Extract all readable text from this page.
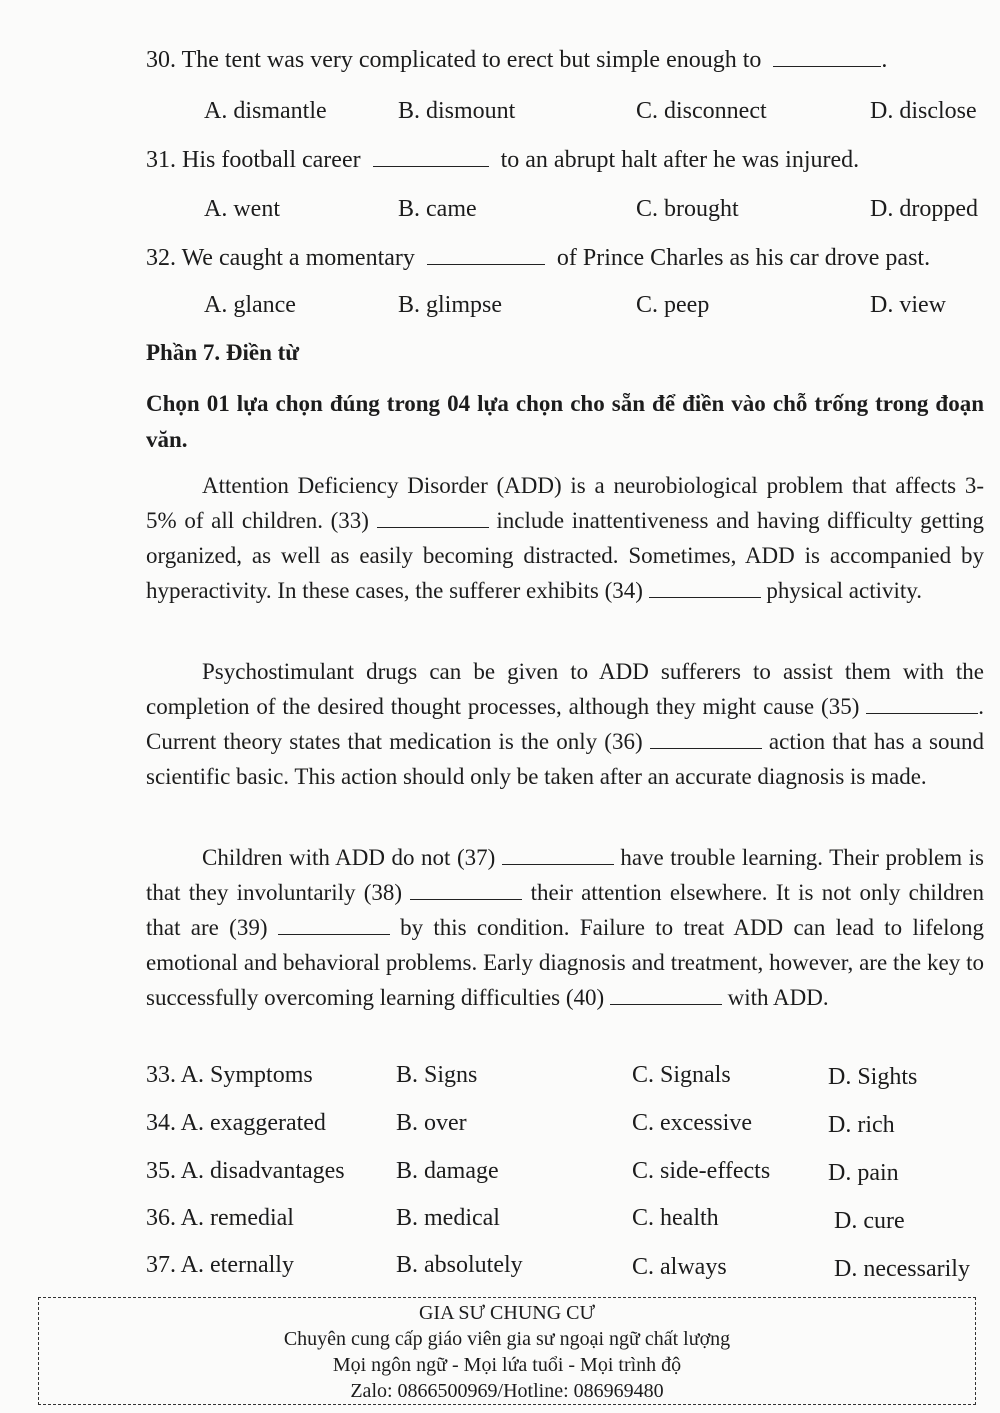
30. The tent was very complicated to erect but simple enough to	.
A. dismantle	B. dismount	C. disconnect	D. disclose
31. His football career	to an abrupt halt after he was injured.
A. went	B. came	C. brought	D. dropped
32. We caught a momentary	of Prince Charles as his car drove past.
A. glance	B. glimpse	C. peep	D. view
Phần 7. Điền từ
Chọn 01 lựa chọn đúng trong 04 lựa chọn cho sẵn để điền vào chỗ trống trong đoạn văn.
Attention Deficiency Disorder (ADD) is a neurobiological problem that affects 3-5% of all children. (33)	include inattentiveness and having difficulty getting organized, as well as easily becoming distracted. Sometimes, ADD is accompanied by hyperactivity. In these cases, the sufferer exhibits (34)	physical activity.
Psychostimulant drugs can be given to ADD sufferers to assist them with the completion of the desired thought processes, although they might cause (35)	. Current theory states that medication is the only (36)	action that has a sound scientific basic. This action should only be taken after an accurate diagnosis is made.
Children with ADD do not (37)	have trouble learning. Their problem is that they involuntarily (38)	their attention elsewhere. It is not only children that are (39)	by this condition. Failure to treat ADD can lead to lifelong emotional and behavioral problems. Early diagnosis and treatment, however, are the key to successfully overcoming learning difficulties (40)	with ADD.
33. A. Symptoms	B. Signs	C. Signals	D. Sights
34. A. exaggerated	B. over	C. excessive	D. rich
35. A. disadvantages B. damage	C. side-effects D. pain
36. A. remedial	B. medical	C. health	D. cure
37. A. eternally	B. absolutely	C. always	D. necessarily
GIA SƯ CHUNG CƯ
Chuyên cung cấp giáo viên gia sư ngoại ngữ chất lượng
Mọi ngôn ngữ - Mọi lứa tuổi - Mọi trình độ
Zalo: 0866500969/Hotline: 086969480
